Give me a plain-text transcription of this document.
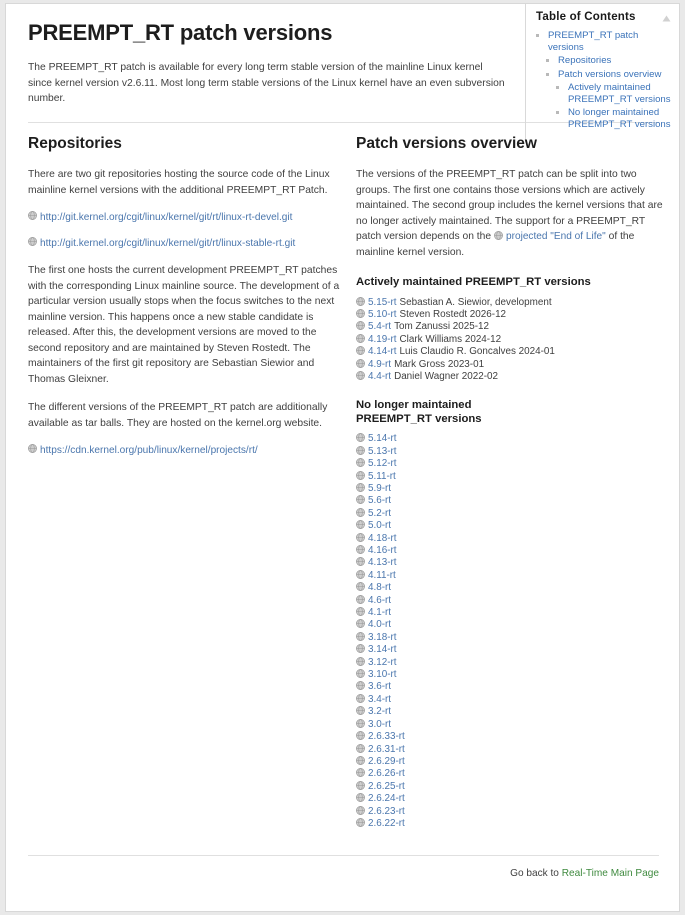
PREEMPT_RT patch versions

The PREEMPT_RT patch is available for every long term stable version of the mainline Linux kernel since kernel version v2.6.11. Most long term stable versions of the Linux kernel have an even subversion number.

Table of Contents
PREEMPT_RT patch versions
Repositories
Patch versions overview
Actively maintained PREEMPT_RT versions
No longer maintained PREEMPT_RT versions
Repositories

There are two git repositories hosting the source code of the Linux mainline kernel versions with the additional PREEMPT_RT Patch.

http://git.kernel.org/cgit/linux/kernel/git/rt/linux-rt-devel.git
http://git.kernel.org/cgit/linux/kernel/git/rt/linux-stable-rt.git

The first one hosts the current development PREEMPT_RT patches with the corresponding Linux mainline source. The development of a particular version usually stops when the focus switches to the next mainline version. This happens once a new stable candidate is released. After this, the development versions are moved to the second repository and are maintained by Steven Rostedt. The maintainers of the first git repository are Sebastian Siewior and Thomas Gleixner.

The different versions of the PREEMPT_RT patch are additionally available as tar balls. They are hosted on the kernel.org website.

https://cdn.kernel.org/pub/linux/kernel/projects/rt/
Patch versions overview

The versions of the PREEMPT_RT patch can be split into two groups. The first one contains those versions which are actively maintained. The second group includes the kernel versions that are no longer actively maintained. The support for a PREEMPT_RT patch version depends on the projected "End of Life" of the mainline kernel version.

Actively maintained PREEMPT_RT versions
5.15-rt Sebastian A. Siewior, development
5.10-rt Steven Rostedt 2026-12
5.4-rt Tom Zanussi 2025-12
4.19-rt Clark Williams 2024-12
4.14-rt Luis Claudio R. Goncalves 2024-01
4.9-rt Mark Gross 2023-01
4.4-rt Daniel Wagner 2022-02
No longer maintained
PREEMPT_RT versions
5.14-rt
5.13-rt
5.12-rt
5.11-rt
5.9-rt
5.6-rt
5.2-rt
5.0-rt
4.18-rt
4.16-rt
4.13-rt
4.11-rt
4.8-rt
4.6-rt
4.1-rt
4.0-rt
3.18-rt
3.14-rt
3.12-rt
3.10-rt
3.6-rt
3.4-rt
3.2-rt
3.0-rt
2.6.33-rt
2.6.31-rt
2.6.29-rt
2.6.26-rt
2.6.25-rt
2.6.24-rt
2.6.23-rt
2.6.22-rt
Go back to Real-Time Main Page
